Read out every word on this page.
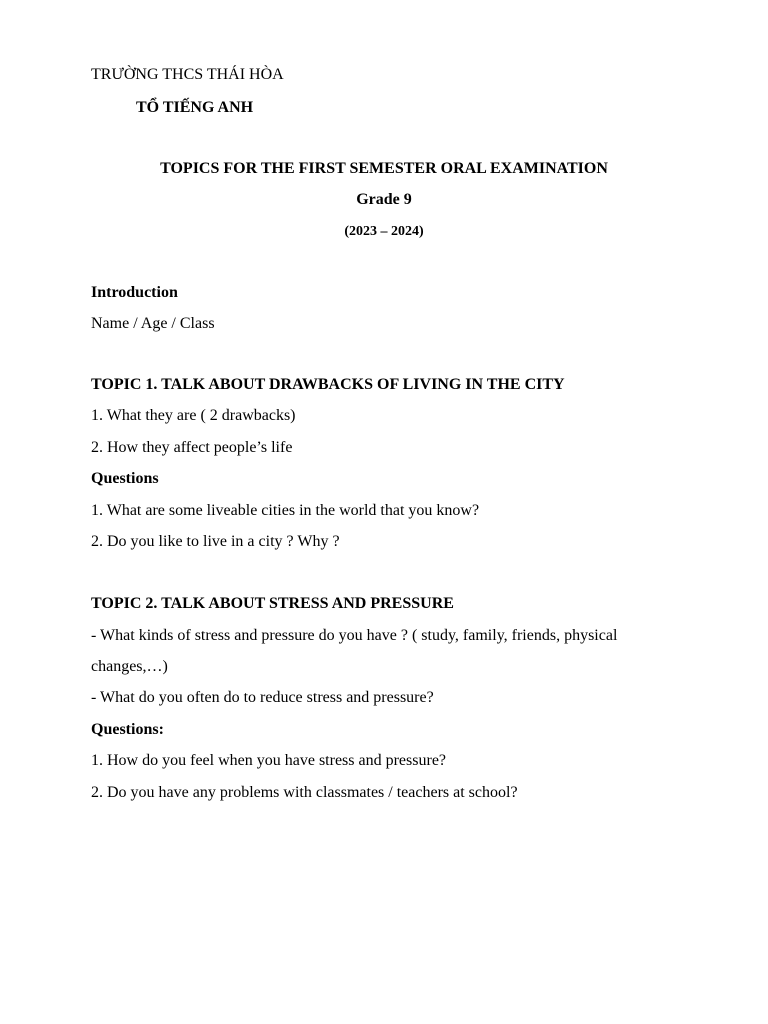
TRƯỜNG THCS THÁI HÒA
TỔ TIẾNG ANH
TOPICS FOR THE FIRST SEMESTER ORAL EXAMINATION
Grade 9
(2023 – 2024)
Introduction
Name / Age / Class
TOPIC 1. TALK ABOUT DRAWBACKS OF LIVING IN THE CITY
1. What they are ( 2 drawbacks)
2. How they affect people’s life
Questions
1. What are some liveable cities in the world that you know?
2. Do you like to live in a city ? Why ?
TOPIC 2. TALK ABOUT STRESS AND PRESSURE
- What kinds of stress and pressure do you have ? ( study, family, friends, physical
changes,…)
- What do you often do to reduce stress and pressure?
Questions:
1. How do you feel when you have stress and pressure?
2. Do you have any problems with classmates / teachers at school?
